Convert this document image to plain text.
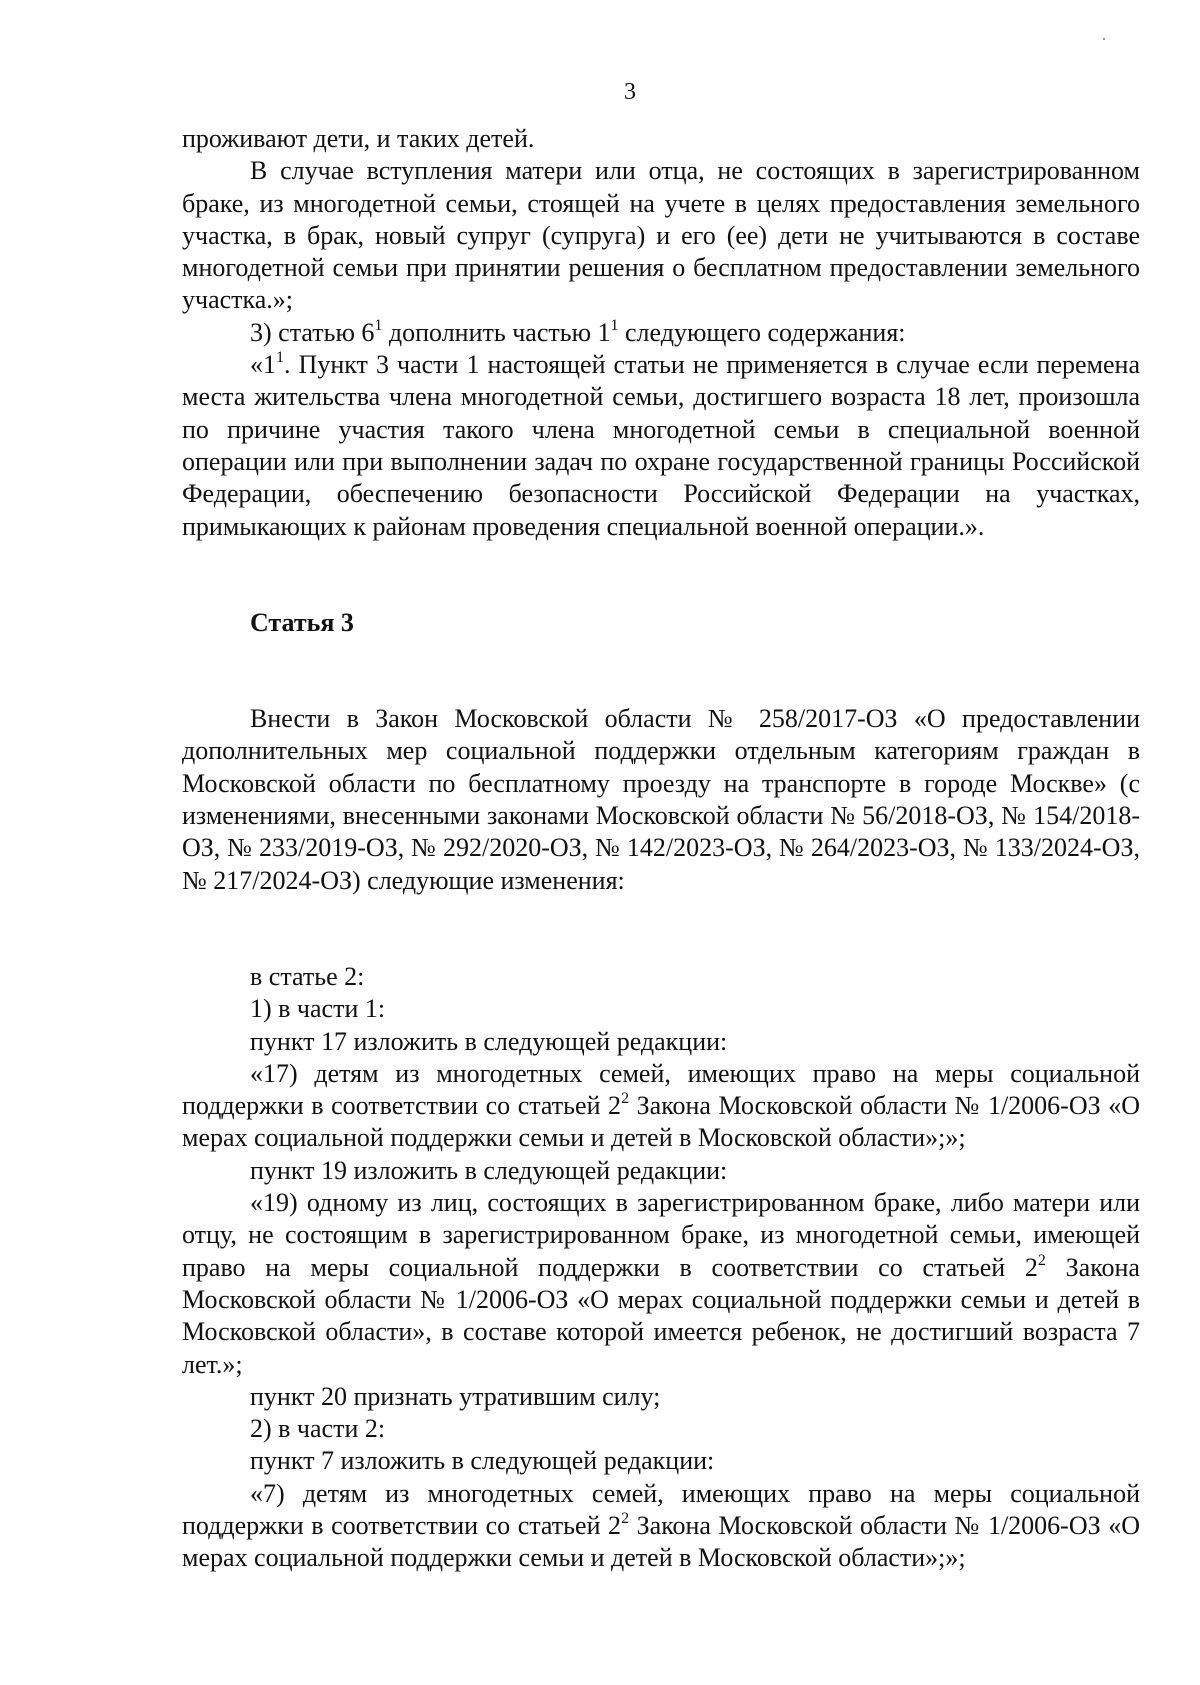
3

проживают дети, и таких детей.

В случае вступления матери или отца, не состоящих в зарегистрированном браке, из многодетной семьи, стоящей на учете в целях предоставления земельного участка, в брак, новый супруг (супруга) и его (ее) дети не учитываются в составе многодетной семьи при принятии решения о бесплатном предоставлении земельного участка.»;

3) статью $6^1$ дополнить частью $1^1$ следующего содержания:

«$1^1$. Пункт 3 части 1 настоящей статьи не применяется в случае если перемена места жительства члена многодетной семьи, достигшего возраста 18 лет, произошла по причине участия такого члена многодетной семьи в специальной военной операции или при выполнении задач по охране государственной границы Российской Федерации, обеспечению безопасности Российской Федерации на участках, примыкающих к районам проведения специальной военной операции.».

Статья 3

Внести в Закон Московской области № 258/2017-ОЗ «О предоставлении дополнительных мер социальной поддержки отдельным категориям граждан в Московской области по бесплатному проезду на транспорте в городе Москве» (с изменениями, внесенными законами Московской области № 56/2018-ОЗ, № 154/2018-ОЗ, № 233/2019-ОЗ, № 292/2020-ОЗ, № 142/2023-ОЗ, № 264/2023-ОЗ, № 133/2024-ОЗ, № 217/2024-ОЗ) следующие изменения:

в статье 2:

1) в части 1:

пункт 17 изложить в следующей редакции:

«17) детям из многодетных семей, имеющих право на меры социальной поддержки в соответствии со статьей $2^2$ Закона Московской области № 1/2006-ОЗ «О мерах социальной поддержки семьи и детей в Московской области»;»;

пункт 19 изложить в следующей редакции:

«19) одному из лиц, состоящих в зарегистрированном браке, либо матери или отцу, не состоящим в зарегистрированном браке, из многодетной семьи, имеющей право на меры социальной поддержки в соответствии со статьей $2^2$ Закона Московской области № 1/2006-ОЗ «О мерах социальной поддержки семьи и детей в Московской области», в составе которой имеется ребенок, не достигший возраста 7 лет.»;

пункт 20 признать утратившим силу;

2) в части 2:

пункт 7 изложить в следующей редакции:

«7) детям из многодетных семей, имеющих право на меры социальной поддержки в соответствии со статьей $2^2$ Закона Московской области № 1/2006-ОЗ «О мерах социальной поддержки семьи и детей в Московской области»;»;
